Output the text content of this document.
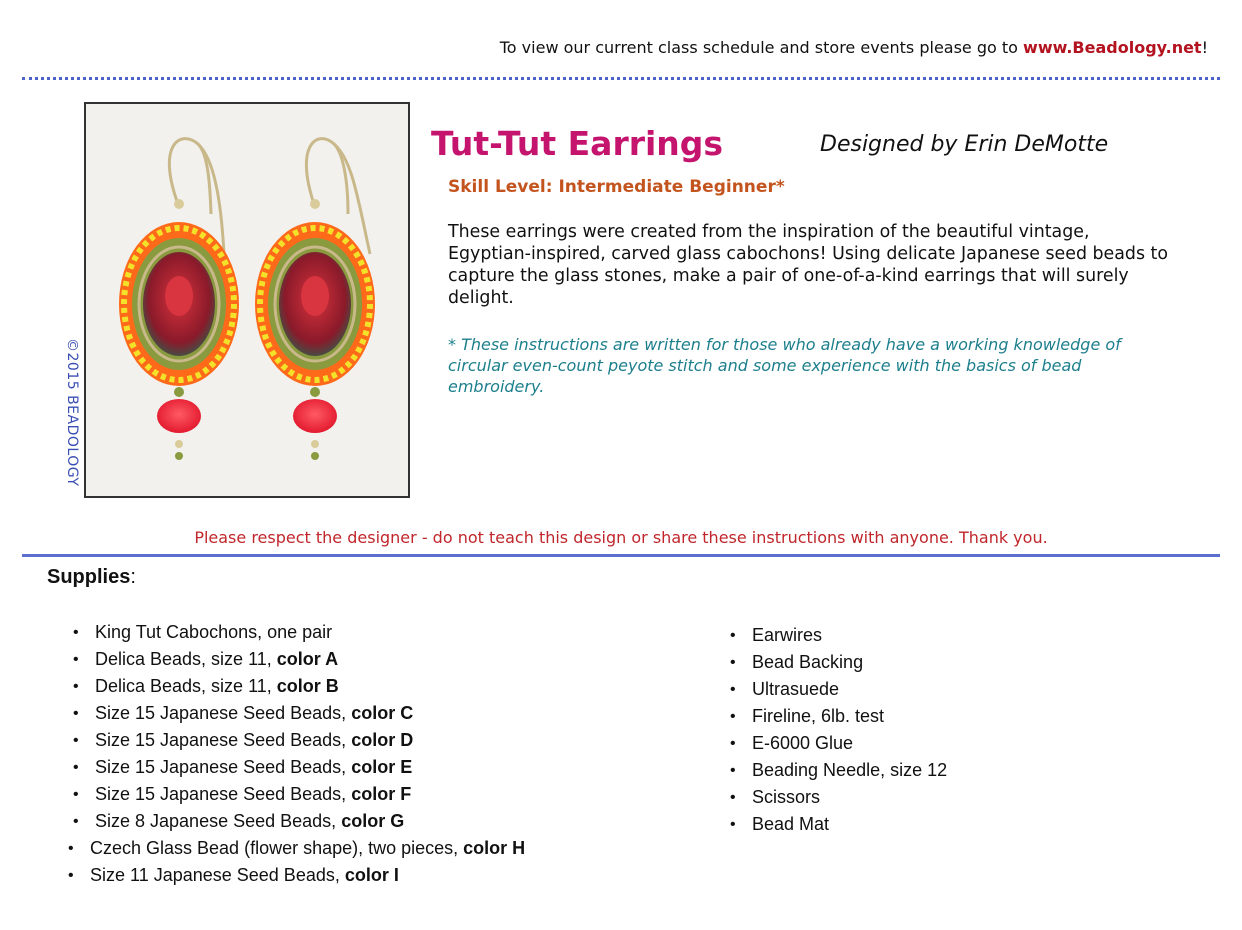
To view our current class schedule and store events please go to www.Beadology.net!
©2015 BEADOLOGY
Tut-Tut Earrings	Designed by Erin DeMotte
Skill Level: Intermediate Beginner*
These earrings were created from the inspiration of the beautiful vintage, Egyptian-inspired, carved glass cabochons! Using delicate Japanese seed beads to capture the glass stones, make a pair of one-of-a-kind earrings that will surely delight.
* These instructions are written for those who already have a working knowledge of circular even-count peyote stitch and some experience with the basics of bead embroidery.
Please respect the designer - do not teach this design or share these instructions with anyone. Thank you.
Supplies:
• King Tut Cabochons, one pair
• Delica Beads, size 11, color A
• Delica Beads, size 11, color B
• Size 15 Japanese Seed Beads, color C
• Size 15 Japanese Seed Beads, color D
• Size 15 Japanese Seed Beads, color E
• Size 15 Japanese Seed Beads, color F
• Size 8 Japanese Seed Beads, color G
• Czech Glass Bead (flower shape), two pieces, color H
• Size 11 Japanese Seed Beads, color I
• Earwires
• Bead Backing
• Ultrasuede
• Fireline, 6lb. test
• E-6000 Glue
• Beading Needle, size 12
• Scissors
• Bead Mat
